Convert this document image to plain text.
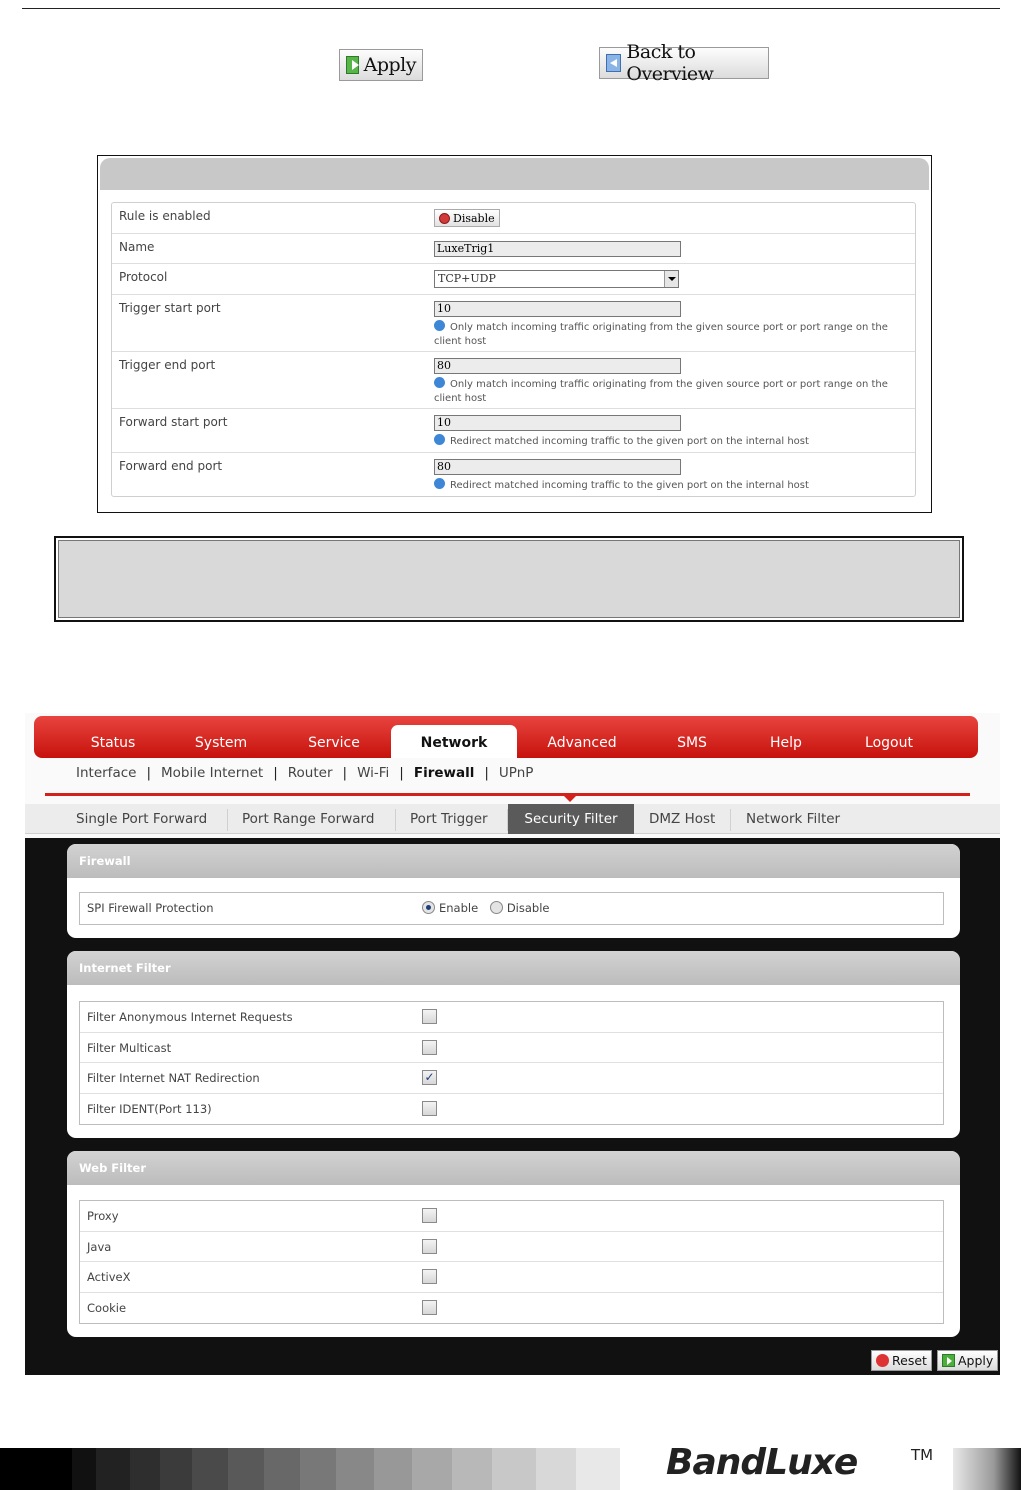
Apply
Back to Overview
Rule is enabled	Disable
Name	LuxeTrig1
Protocol	TCP+UDP
Trigger start port	10
Only match incoming traffic originating from the given source port or port range on the client host
Trigger end port	80
Only match incoming traffic originating from the given source port or port range on the client host
Forward start port	10
Redirect matched incoming traffic to the given port on the internal host
Forward end port	80
Redirect matched incoming traffic to the given port on the internal host
Status	System	Service	Network	Advanced	SMS	Help	Logout
Interface | Mobile Internet | Router | Wi-Fi | Firewall | UPnP
Single Port Forward	Port Range Forward	Port Trigger	Security Filter	DMZ Host Network Filter
Firewall
SPI Firewall Protection	Enable Disable
Internet Filter
Filter Anonymous Internet Requests
Filter Multicast
Filter Internet NAT Redirection	✓
Filter IDENT(Port 113)
Web Filter
Proxy
Java
ActiveX
Cookie
Reset Apply
BandLuxe	TM
